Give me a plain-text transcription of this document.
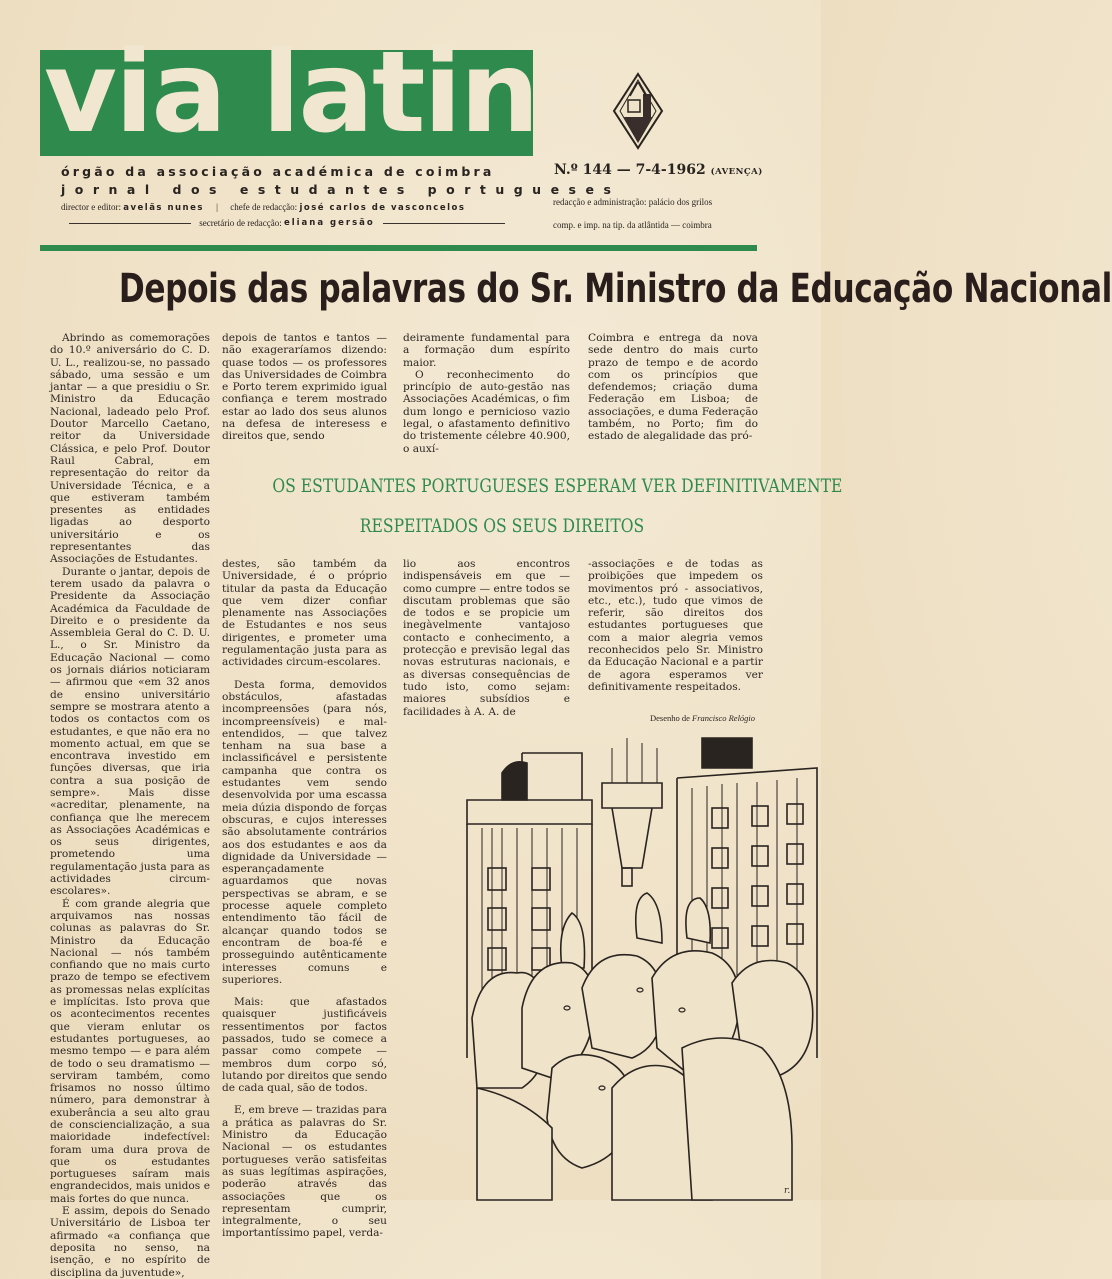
via latina
órgão da associação académica de coimbra
jornal dos estudantes portugueses
director e editor: avelãs nunes | chefe de redacção: josé carlos de vasconcelos
secretário de redacção:
eliana gersão
N.º 144 — 7-4-1962 (AVENÇA)
redacção e administração: palácio dos grilos
comp. e imp. na tip. da atlântida — coimbra
Depois das palavras do Sr. Ministro da Educação Nacional

Abrindo as comemorações do 10.º aniversário do C. D. U. L., realizou-se, no passado sábado, uma sessão e um jantar — a que presidiu o Sr. Ministro da Educação Nacional, ladeado pelo Prof. Doutor Marcello Caetano, reitor da Universidade Clássica, e pelo Prof. Doutor Raul Cabral, em representação do reitor da Universidade Técnica, e a que estiveram também presentes as entidades ligadas ao desporto universitário e os representantes das Associações de Estudantes.

Durante o jantar, depois de terem usado da palavra o Presidente da Associação Académica da Faculdade de Direito e o presidente da Assembleia Geral do C. D. U. L., o Sr. Ministro da Educação Nacional — como os jornais diários noticiaram — afirmou que «em 32 anos de ensino universitário sempre se mostrara atento a todos os contactos com os estudantes, e que não era no momento actual, em que se encontrava investido em funções diversas, que iria contra a sua posição de sempre». Mais disse «acreditar, plenamente, na confiança que lhe merecem as Associações Académicas e os seus dirigentes, prometendo uma regulamentação justa para as actividades circum-escolares».

É com grande alegria que arquivamos nas nossas colunas as palavras do Sr. Ministro da Educação Nacional — nós também confiando que no mais curto prazo de tempo se efectivem as promessas nelas explícitas e implícitas. Isto prova que os acontecimentos recentes que vieram enlutar os estudantes portugueses, ao mesmo tempo — e para além de todo o seu dramatismo — serviram também, como frisamos no nosso último número, para demonstrar à exuberância a seu alto grau de consciencialização, a sua maioridade indefectível: foram uma dura prova de que os estudantes portugueses saíram mais engrandecidos, mais unidos e mais fortes do que nunca.

E assim, depois do Senado Universitário de Lisboa ter afirmado «a confiança que deposita no senso, na isenção, e no espírito de disciplina da juventude»,

depois de tantos e tantos — não exageraríamos dizendo: quase todos — os professores das Universidades de Coimbra e Porto terem exprimido igual confiança e terem mostrado estar ao lado dos seus alunos na defesa de interesess e direitos que, sendo

deiramente fundamental para a formação dum espírito maior.

O reconhecimento do princípio de auto-gestão nas Associações Académicas, o fim dum longo e pernicioso vazio legal, o afastamento definitivo do tristemente célebre 40.900, o auxí-

Coimbra e entrega da nova sede dentro do mais curto prazo de tempo e de acordo com os princípios que defendemos; criação duma Federação em Lisboa; de associações, e duma Federação também, no Porto; fim do estado de alegalidade das pró-

OS ESTUDANTES PORTUGUESES ESPERAM VER DEFINITIVAMENTE
RESPEITADOS OS SEUS DIREITOS

destes, são também da Universidade, é o próprio titular da pasta da Educação que vem dizer confiar plenamente nas Associações de Estudantes e nos seus dirigentes, e prometer uma regulamentação justa para as actividades circum-escolares.

Desta forma, demovidos obstáculos, afastadas incompreensões (para nós, incompreensíveis) e mal-entendidos, — que talvez tenham na sua base a inclassificável e persistente campanha que contra os estudantes vem sendo desenvolvida por uma escassa meia dúzia dispondo de forças obscuras, e cujos interesses são absolutamente contrários aos dos estudantes e aos da dignidade da Universidade — esperançadamente aguardamos que novas perspectivas se abram, e se processe aquele completo entendimento tão fácil de alcançar quando todos se encontram de boa-fé e prosseguindo autênticamente interesses comuns e superiores.

Mais: que afastados quaisquer justificáveis ressentimentos por factos passados, tudo se comece a passar como compete — membros dum corpo só, lutando por direitos que sendo de cada qual, são de todos.

E, em breve — trazidas para a prática as palavras do Sr. Ministro da Educação Nacional — os estudantes portugueses verão satisfeitas as suas legítimas aspirações, poderão através das associações que os representam cumprir, integralmente, o seu importantíssimo papel, verda-

lio aos encontros indispensáveis em que — como cumpre — entre todos se discutam problemas que são de todos e se propicie um inegàvelmente vantajoso contacto e conhecimento, a protecção e previsão legal das novas estruturas nacionais, e as diversas consequências de tudo isto, como sejam: maiores subsídios e facilidades à A. A. de

-associações e de todas as proibições que impedem os movimentos pró - associativos, etc., etc.), tudo que vimos de referir, são direitos dos estudantes portugueses que com a maior alegria vemos reconhecidos pelo Sr. Ministro da Educação Nacional e a partir de agora esperamos ver definitivamente respeitados.

Desenho de Francisco Relógio
r.
